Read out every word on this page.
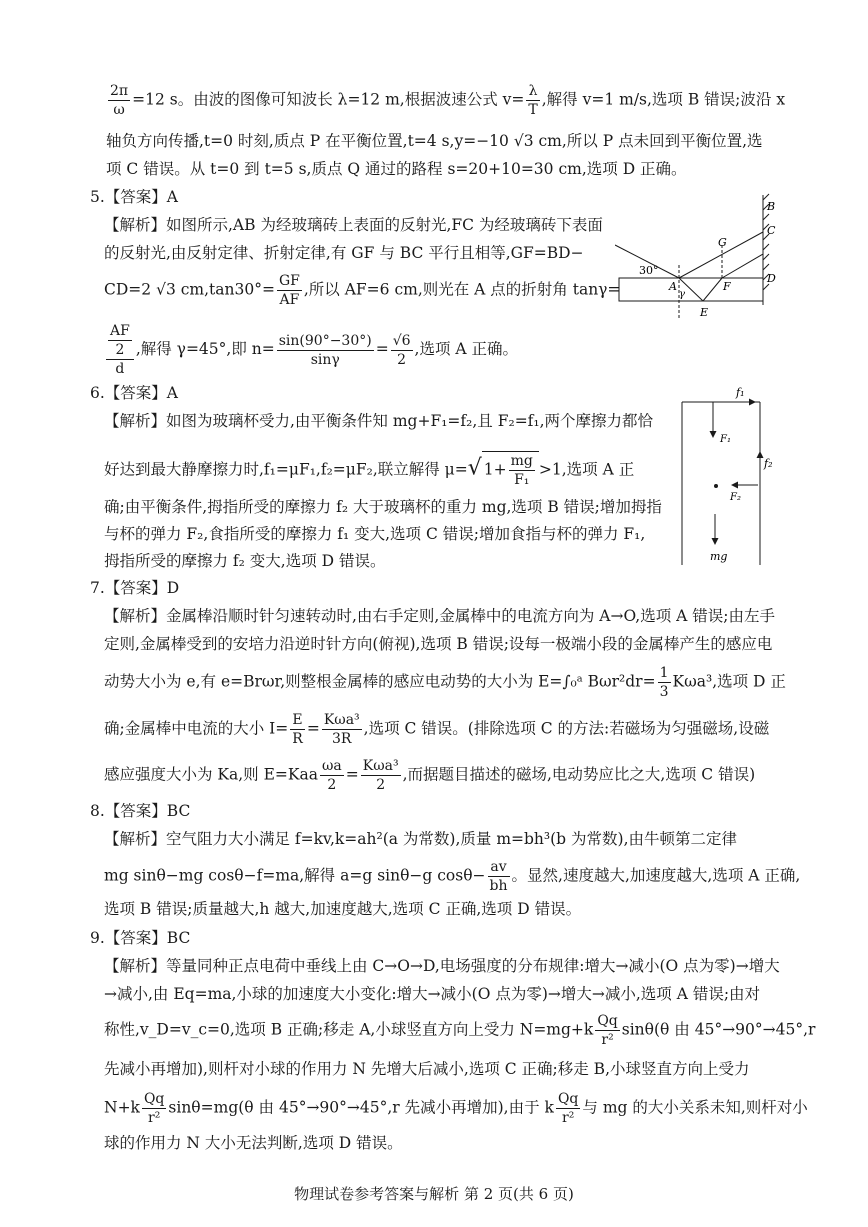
$\frac{2\pi}{\omega} =12$ s。由波的图像可知波长 λ=12 m,根据波速公式 $v= \frac{\lambda}{T}$ ,解得 v=1 m/s,选项 B 错误;波沿 x
轴负方向传播,t=0 时刻,质点 P 在平衡位置,t=4 s,y=−10 √3 cm,所以 P 点未回到平衡位置,选
项 C 错误。从 t=0 到 t=5 s,质点 Q 通过的路程 s=20+10=30 cm,选项 D 正确。
5.【答案】A
【解析】如图所示,AB 为经玻璃砖上表面的反射光,FC 为经玻璃砖下表面
的反射光,由反射定律、折射定律,有 GF 与 BC 平行且相等,GF=BD−
CD=2 √3 $cm,\tan 30^\circ= \frac{GF}{AF}$ ,所以 AF=6 cm,则光在 A 点的折射角 tanγ=
$\frac{\frac{AF}{2}}{d}$ ,解得 γ=45°,即 $n= \frac{\sin(90^\circ-30^\circ)}{\sin\gamma} = \frac{√6}{2}$ ,选项 A 正确。
B
C
G
D
A	F
E
30°
γ
6.【答案】A
【解析】如图为玻璃杯受力,由平衡条件知 mg+F₁=f₂,且 F₂=f₁,两个摩擦力都恰
好达到最大静摩擦力时,f₁=μF₁,f₂=μF₂,联立解得 μ=√ $1+ \frac{mg}{\text{F₁}} >1$,选项 A 正
确;由平衡条件,拇指所受的摩擦力 f₂ 大于玻璃杯的重力 mg,选项 B 错误;增加拇指
与杯的弹力 F₂,食指所受的摩擦力 f₁ 变大,选项 C 错误;增加食指与杯的弹力 F₁,
拇指所受的摩擦力 f₂ 变大,选项 D 错误。
f₁
F₁
f₂
F₂
mg
7.【答案】D
【解析】金属棒沿顺时针匀速转动时,由右手定则,金属棒中的电流方向为 A→O,选项 A 错误;由左手
定则,金属棒受到的安培力沿逆时针方向(俯视),选项 B 错误;设每一极端小段的金属棒产生的感应电
动势大小为 e,有 e=Brωr,则整根金属棒的感应电动势的大小为 E=∫₀ᵃ $B\omega r^2dr= \frac{1}{3} K\omega a^3$,选项 D 正
确;金属棒中电流的大小 $I= \frac{E}{R} = \frac{\text{Kωa³}}{3R}$ ,选项 C 错误。(排除选项 C 的方法:若磁场为匀强磁场,设磁
感应强度大小为 Ka,则 $E=Kaa \frac{\omega a}{2} = \frac{\text{Kωa³}}{2}$ ,而据题目描述的磁场,电动势应比之大,选项 C 错误)
8.【答案】BC
【解析】空气阻力大小满足 f=kv,k=ah²(a 为常数),质量 m=bh³(b 为常数),由牛顿第二定律
mg sinθ−mg cosθ−f=ma,解得 a=g sinθ−g $\cos\theta- \frac{av}{bh}$ 。显然,速度越大,加速度越大,选项 A 正确,
选项 B 错误;质量越大,h 越大,加速度越大,选项 C 正确,选项 D 错误。
9.【答案】BC
【解析】等量同种正点电荷中垂线上由 C→O→D,电场强度的分布规律:增大→减小(O 点为零)→增大
→减小,由 Eq=ma,小球的加速度大小变化:增大→减小(O 点为零)→增大→减小,选项 A 错误;由对
称性,v_D=v_c=0,选项 B 正确;移走 A,小球竖直方向上受力 $N=mg+k \frac{Qq}{\text{r²}} \sin\theta(\theta$ 由 45°→90°→45°,r
先减小再增加),则杆对小球的作用力 N 先增大后减小,选项 C 正确;移走 B,小球竖直方向上受力
$N+k \frac{Qq}{\text{r²}} \sin\theta=mg(\theta$ 由 45°→90°→45°,r 先减小再增加),由于 k $\frac{Qq}{\text{r²}}$ 与 mg 的大小关系未知,则杆对小
球的作用力 N 大小无法判断,选项 D 错误。
物理试卷参考答案与解析 第 2 页(共 6 页)
